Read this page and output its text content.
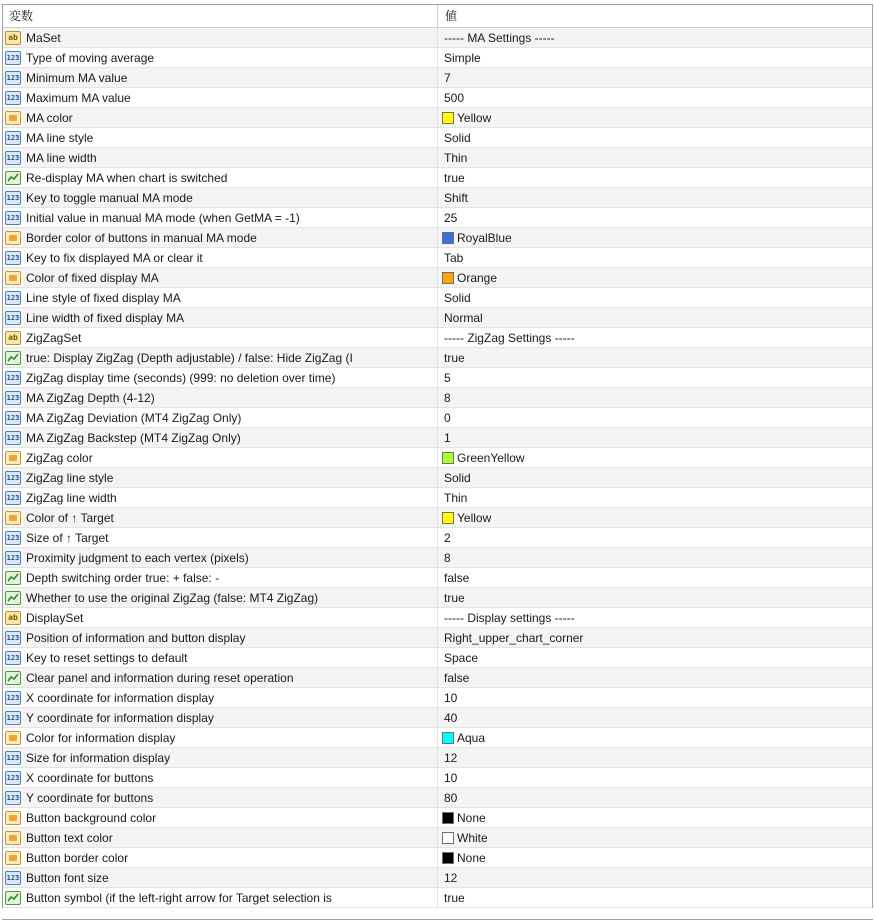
変数	値
ab MaSet	----- MA Settings -----
123 Type of moving average	Simple
123 Minimum MA value	7
123 Maximum MA value	500
MA color	Yellow
123 MA line style	Solid
123 MA line width	Thin
Re-display MA when chart is switched	true
123 Key to toggle manual MA mode	Shift
123 Initial value in manual MA mode (when GetMA = -1)	25
Border color of buttons in manual MA mode	RoyalBlue
123 Key to fix displayed MA or clear it	Tab
Color of fixed display MA	Orange
123 Line style of fixed display MA	Solid
123 Line width of fixed display MA	Normal
ab ZigZagSet	----- ZigZag Settings -----
true: Display ZigZag (Depth adjustable) / false: Hide ZigZag (I	true
123 ZigZag display time (seconds) (999: no deletion over time)	5
123 MA ZigZag Depth (4-12)	8
123 MA ZigZag Deviation (MT4 ZigZag Only)	0
123 MA ZigZag Backstep (MT4 ZigZag Only)	1
ZigZag color	GreenYellow
123 ZigZag line style	Solid
123 ZigZag line width	Thin
Color of ↑ Target	Yellow
123 Size of ↑ Target	2
123 Proximity judgment to each vertex (pixels)	8
Depth switching order true: + false: -	false
Whether to use the original ZigZag (false: MT4 ZigZag)	true
ab DisplaySet	----- Display settings -----
123 Position of information and button display	Right_upper_chart_corner
123 Key to reset settings to default	Space
Clear panel and information during reset operation	false
123 X coordinate for information display	10
123 Y coordinate for information display	40
Color for information display	Aqua
123 Size for information display	12
123 X coordinate for buttons	10
123 Y coordinate for buttons	80
Button background color	None
Button text color	White
Button border color	None
123 Button font size	12
Button symbol (if the left-right arrow for Target selection is	true
